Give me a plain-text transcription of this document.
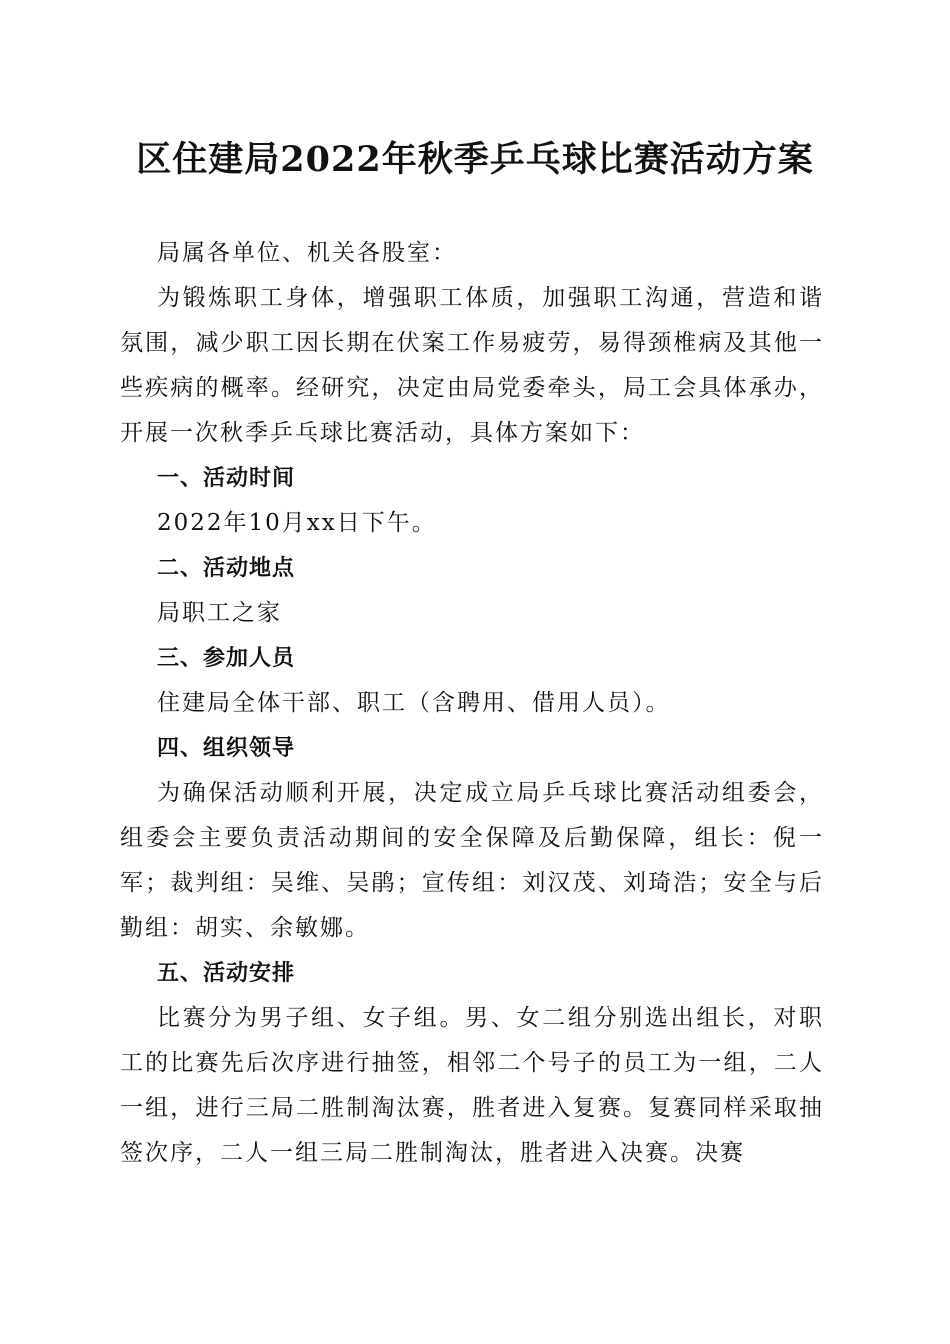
区住建局2022年秋季乒乓球比赛活动方案

局属各单位、机关各股室：

为锻炼职工身体，增强职工体质，加强职工沟通，营造和谐氛围，减少职工因长期在伏案工作易疲劳，易得颈椎病及其他一些疾病的概率。经研究，决定由局党委牵头，局工会具体承办，开展一次秋季乒乓球比赛活动，具体方案如下：

一、活动时间

2022年10月xx日下午。

二、活动地点

局职工之家

三、参加人员

住建局全体干部、职工（含聘用、借用人员）。

四、组织领导

为确保活动顺利开展，决定成立局乒乓球比赛活动组委会，组委会主要负责活动期间的安全保障及后勤保障，组长：倪一军；裁判组：吴维、吴鹃；宣传组：刘汉茂、刘琦浩；安全与后勤组：胡实、余敏娜。

五、活动安排

比赛分为男子组、女子组。男、女二组分别选出组长，对职工的比赛先后次序进行抽签，相邻二个号子的员工为一组，二人一组，进行三局二胜制淘汰赛，胜者进入复赛。复赛同样采取抽签次序，二人一组三局二胜制淘汰，胜者进入决赛。决赛
